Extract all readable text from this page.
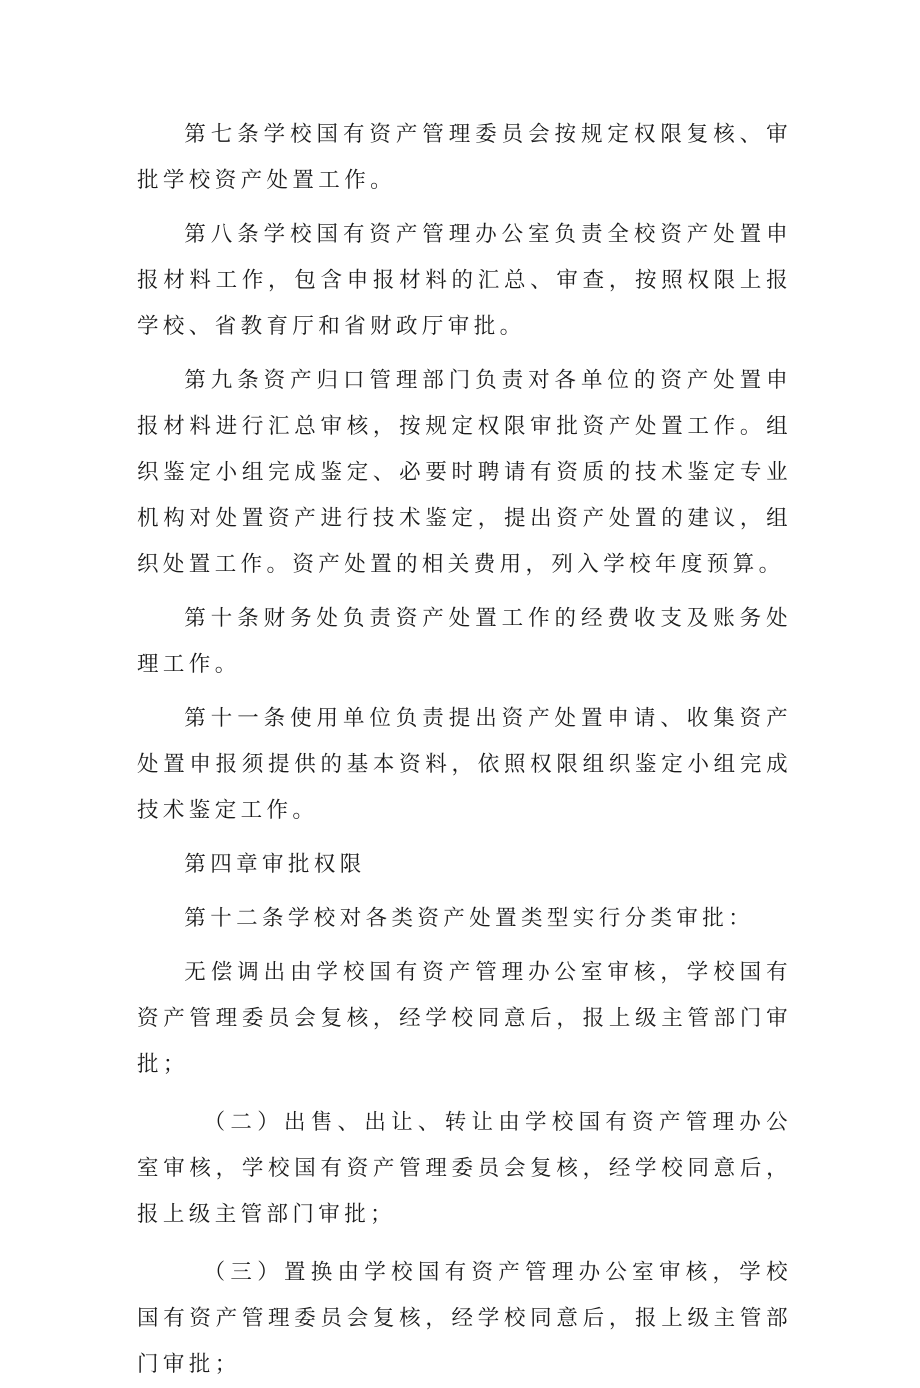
第七条学校国有资产管理委员会按规定权限复核、审批学校资产处置工作。

第八条学校国有资产管理办公室负责全校资产处置申报材料工作，包含申报材料的汇总、审查，按照权限上报学校、省教育厅和省财政厅审批。

第九条资产归口管理部门负责对各单位的资产处置申报材料进行汇总审核，按规定权限审批资产处置工作。组织鉴定小组完成鉴定、必要时聘请有资质的技术鉴定专业机构对处置资产进行技术鉴定，提出资产处置的建议，组织处置工作。资产处置的相关费用，列入学校年度预算。

第十条财务处负责资产处置工作的经费收支及账务处理工作。

第十一条使用单位负责提出资产处置申请、收集资产处置申报须提供的基本资料，依照权限组织鉴定小组完成技术鉴定工作。

第四章审批权限

第十二条学校对各类资产处置类型实行分类审批：

无偿调出由学校国有资产管理办公室审核，学校国有资产管理委员会复核，经学校同意后，报上级主管部门审批；

（二）出售、出让、转让由学校国有资产管理办公室审核，学校国有资产管理委员会复核，经学校同意后，报上级主管部门审批；

（三）置换由学校国有资产管理办公室审核，学校国有资产管理委员会复核，经学校同意后，报上级主管部门审批；
